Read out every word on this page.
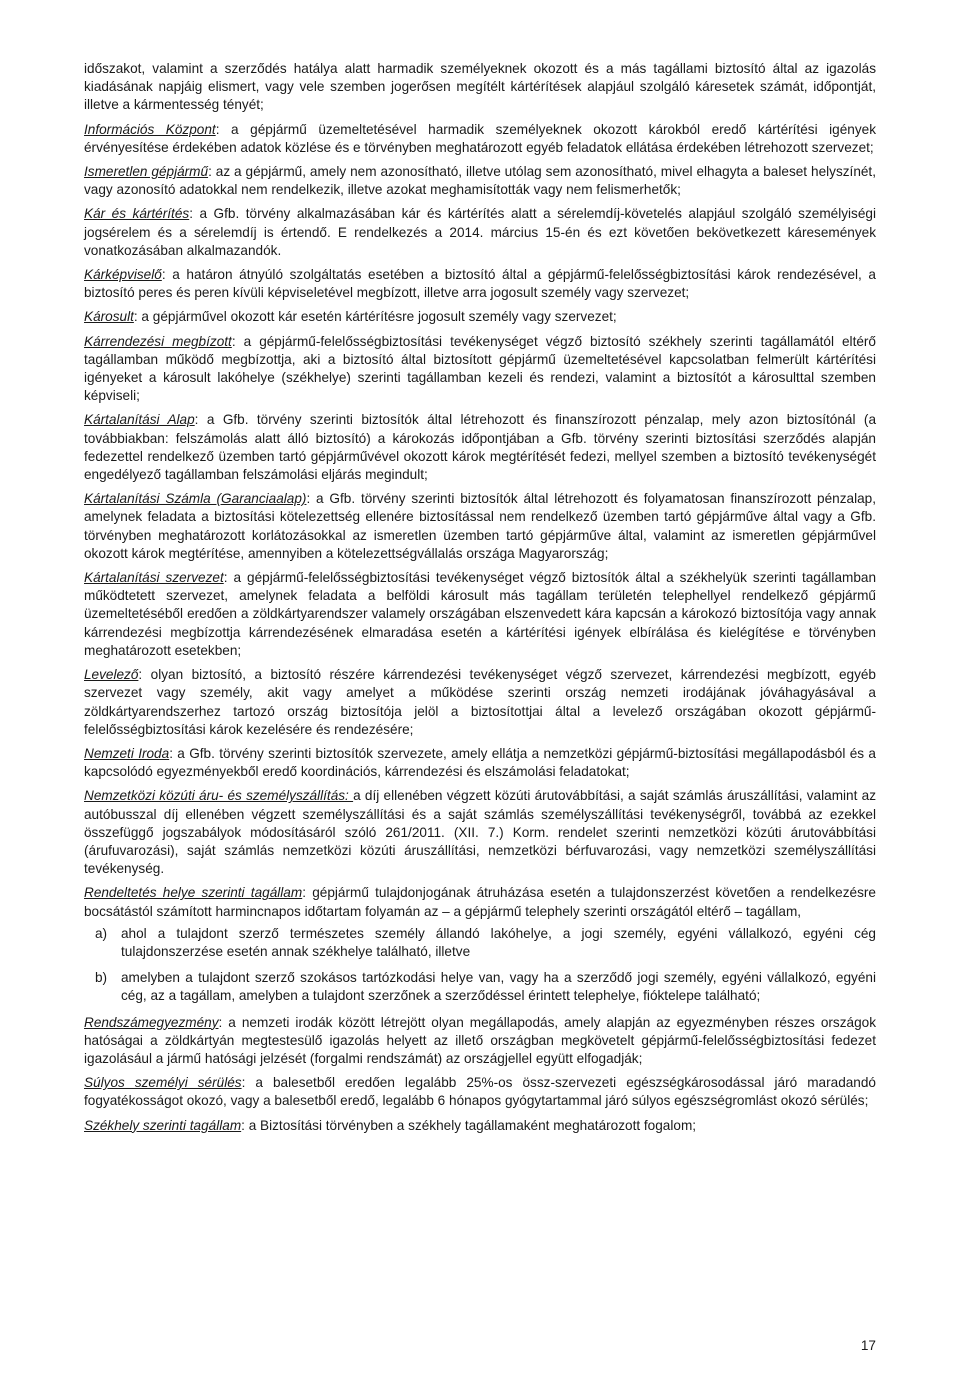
időszakot, valamint a szerződés hatálya alatt harmadik személyeknek okozott és a más tagállami biztosító által az igazolás kiadásának napjáig elismert, vagy vele szemben jogerősen megítélt kártérítések alapjául szolgáló káresetek számát, időpontját, illetve a kármentesség tényét;

Információs Központ: a gépjármű üzemeltetésével harmadik személyeknek okozott károkból eredő kártérítési igények érvényesítése érdekében adatok közlése és e törvényben meghatározott egyéb feladatok ellátása érdekében létrehozott szervezet;

Ismeretlen gépjármű: az a gépjármű, amely nem azonosítható, illetve utólag sem azonosítható, mivel elhagyta a baleset helyszínét, vagy azonosító adatokkal nem rendelkezik, illetve azokat meghamisították vagy nem felismerhetők;

Kár és kártérítés: a Gfb. törvény alkalmazásában kár és kártérítés alatt a sérelemdíj-követelés alapjául szolgáló személyiségi jogsérelem és a sérelemdíj is értendő. E rendelkezés a 2014. március 15-én és ezt követően bekövetkezett káresemények vonatkozásában alkalmazandók.

Kárképviselő: a határon átnyúló szolgáltatás esetében a biztosító által a gépjármű-felelősségbiztosítási károk rendezésével, a biztosító peres és peren kívüli képviseletével megbízott, illetve arra jogosult személy vagy szervezet;

Károsult: a gépjárművel okozott kár esetén kártérítésre jogosult személy vagy szervezet;

Kárrendezési megbízott: a gépjármű-felelősségbiztosítási tevékenységet végző biztosító székhely szerinti tagállamától eltérő tagállamban működő megbízottja, aki a biztosító által biztosított gépjármű üzemeltetésével kapcsolatban felmerült kártérítési igényeket a károsult lakóhelye (székhelye) szerinti tagállamban kezeli és rendezi, valamint a biztosítót a károsulttal szemben képviseli;

Kártalanítási Alap: a Gfb. törvény szerinti biztosítók által létrehozott és finanszírozott pénzalap, mely azon biztosítónál (a továbbiakban: felszámolás alatt álló biztosító) a károkozás időpontjában a Gfb. törvény szerinti biztosítási szerződés alapján fedezettel rendelkező üzemben tartó gépjárművével okozott károk megtérítését fedezi, mellyel szemben a biztosító tevékenységét engedélyező tagállamban felszámolási eljárás megindult;

Kártalanítási Számla (Garanciaalap): a Gfb. törvény szerinti biztosítók által létrehozott és folyamatosan finanszírozott pénzalap, amelynek feladata a biztosítási kötelezettség ellenére biztosítással nem rendelkező üzemben tartó gépjárműve által vagy a Gfb. törvényben meghatározott korlátozásokkal az ismeretlen üzemben tartó gépjárműve által, valamint az ismeretlen gépjárművel okozott károk megtérítése, amennyiben a kötelezettségvállalás országa Magyarország;

Kártalanítási szervezet: a gépjármű-felelősségbiztosítási tevékenységet végző biztosítók által a székhelyük szerinti tagállamban működtetett szervezet, amelynek feladata a belföldi károsult más tagállam területén telephellyel rendelkező gépjármű üzemeltetéséből eredően a zöldkártyarendszer valamely országában elszenvedett kára kapcsán a károkozó biztosítója vagy annak kárrendezési megbízottja kárrendezésének elmaradása esetén a kártérítési igények elbírálása és kielégítése e törvényben meghatározott esetekben;

Levelező: olyan biztosító, a biztosító részére kárrendezési tevékenységet végző szervezet, kárrendezési megbízott, egyéb szervezet vagy személy, akit vagy amelyet a működése szerinti ország nemzeti irodájának jóváhagyásával a zöldkártyarendszerhez tartozó ország biztosítója jelöl a biztosítottjai által a levelező országában okozott gépjármű-felelősségbiztosítási károk kezelésére és rendezésére;

Nemzeti Iroda: a Gfb. törvény szerinti biztosítók szervezete, amely ellátja a nemzetközi gépjármű-biztosítási megállapodásból és a kapcsolódó egyezményekből eredő koordinációs, kárrendezési és elszámolási feladatokat;

Nemzetközi közúti áru- és személyszállítás: a díj ellenében végzett közúti árutovábbítási, a saját számlás áruszállítási, valamint az autóbusszal díj ellenében végzett személyszállítási és a saját számlás személyszállítási tevékenységről, továbbá az ezekkel összefüggő jogszabályok módosításáról szóló 261/2011. (XII. 7.) Korm. rendelet szerinti nemzetközi közúti árutovábbítási (árufuvarozási), saját számlás nemzetközi közúti áruszállítási, nemzetközi bérfuvarozási, vagy nemzetközi személyszállítási tevékenység.

Rendeltetés helye szerinti tagállam: gépjármű tulajdonjogának átruházása esetén a tulajdonszerzést követően a rendelkezésre bocsátástól számított harmincnapos időtartam folyamán az – a gépjármű telephely szerinti országától eltérő – tagállam,

a)	ahol a tulajdont szerző természetes személy állandó lakóhelye, a jogi személy, egyéni vállalkozó, egyéni cég tulajdonszerzése esetén annak székhelye található, illetve
b)	amelyben a tulajdont szerző szokásos tartózkodási helye van, vagy ha a szerződő jogi személy, egyéni vállalkozó, egyéni cég, az a tagállam, amelyben a tulajdont szerzőnek a szerződéssel érintett telephelye, fióktelepe található;

Rendszámegyezmény: a nemzeti irodák között létrejött olyan megállapodás, amely alapján az egyezményben részes országok hatóságai a zöldkártyán megtestesülő igazolás helyett az illető országban megkövetelt gépjármű-felelősségbiztosítási fedezet igazolásául a jármű hatósági jelzését (forgalmi rendszámát) az országjellel együtt elfogadják;

Súlyos személyi sérülés: a balesetből eredően legalább 25%-os össz-szervezeti egészségkárosodással járó maradandó fogyatékosságot okozó, vagy a balesetből eredő, legalább 6 hónapos gyógytartammal járó súlyos egészségromlást okozó sérülés;

Székhely szerinti tagállam: a Biztosítási törvényben a székhely tagállamaként meghatározott fogalom;

17
